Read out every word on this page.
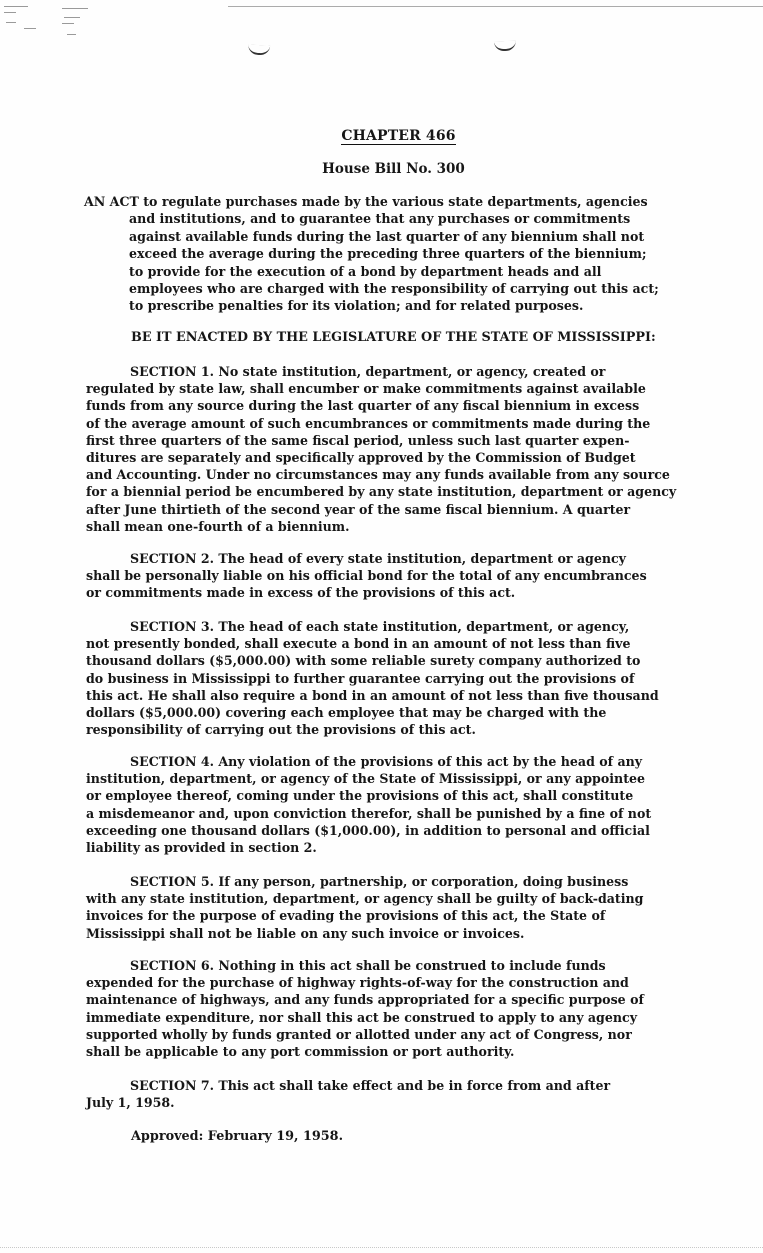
CHAPTER 466
House Bill No. 300
AN ACT to regulate purchases made by the various state departments, agencies
and institutions, and to guarantee that any purchases or commitments
against available funds during the last quarter of any biennium shall not
exceed the average during the preceding three quarters of the biennium;
to provide for the execution of a bond by department heads and all
employees who are charged with the responsibility of carrying out this act;
to prescribe penalties for its violation; and for related purposes.
BE IT ENACTED BY THE LEGISLATURE OF THE STATE OF MISSISSIPPI:
SECTION 1. No state institution, department, or agency, created or
regulated by state law, shall encumber or make commitments against available
funds from any source during the last quarter of any fiscal biennium in excess
of the average amount of such encumbrances or commitments made during the
first three quarters of the same fiscal period, unless such last quarter expen-
ditures are separately and specifically approved by the Commission of Budget
and Accounting. Under no circumstances may any funds available from any source
for a biennial period be encumbered by any state institution, department or agency
after June thirtieth of the second year of the same fiscal biennium. A quarter
shall mean one-fourth of a biennium.
SECTION 2. The head of every state institution, department or agency
shall be personally liable on his official bond for the total of any encumbrances
or commitments made in excess of the provisions of this act.
SECTION 3. The head of each state institution, department, or agency,
not presently bonded, shall execute a bond in an amount of not less than five
thousand dollars ($5,000.00) with some reliable surety company authorized to
do business in Mississippi to further guarantee carrying out the provisions of
this act. He shall also require a bond in an amount of not less than five thousand
dollars ($5,000.00) covering each employee that may be charged with the
responsibility of carrying out the provisions of this act.
SECTION 4. Any violation of the provisions of this act by the head of any
institution, department, or agency of the State of Mississippi, or any appointee
or employee thereof, coming under the provisions of this act, shall constitute
a misdemeanor and, upon conviction therefor, shall be punished by a fine of not
exceeding one thousand dollars ($1,000.00), in addition to personal and official
liability as provided in section 2.
SECTION 5. If any person, partnership, or corporation, doing business
with any state institution, department, or agency shall be guilty of back-dating
invoices for the purpose of evading the provisions of this act, the State of
Mississippi shall not be liable on any such invoice or invoices.
SECTION 6. Nothing in this act shall be construed to include funds
expended for the purchase of highway rights-of-way for the construction and
maintenance of highways, and any funds appropriated for a specific purpose of
immediate expenditure, nor shall this act be construed to apply to any agency
supported wholly by funds granted or allotted under any act of Congress, nor
shall be applicable to any port commission or port authority.
SECTION 7. This act shall take effect and be in force from and after
July 1, 1958.
Approved: February 19, 1958.
